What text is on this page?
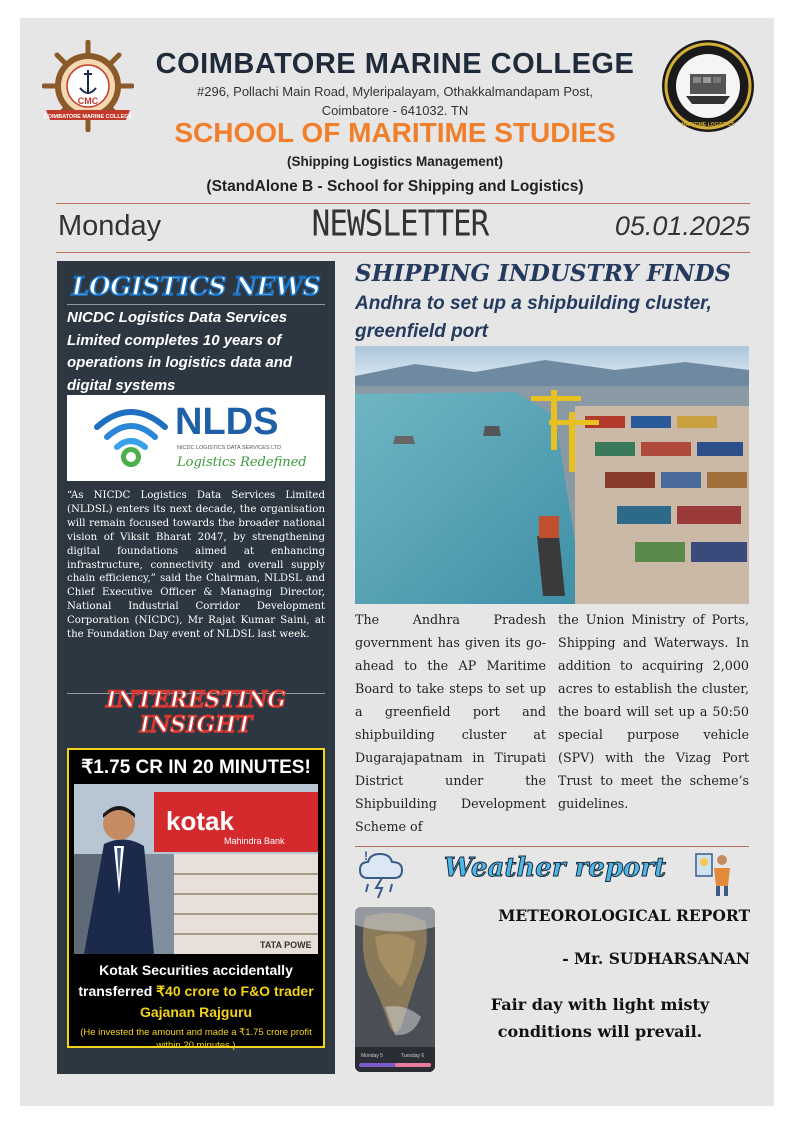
CMC
COIMBATORE MARINE COLLEGE
COIMBATORE MARINE COLLEGE
#296, Pollachi Main Road, Myleripalayam, Othakkalmandapam Post,
Coimbatore - 641032. TN
SCHOOL OF MARITIME STUDIES
(Shipping Logistics Management)
(StandAlone B - School for Shipping and Logistics)
MARITIME LOGISTICS
Monday	NEWSLETTER	05.01.2025
LOGISTICS NEWS
NICDC Logistics Data Services Limited completes 10 years of operations in logistics data and digital systems
NLDS
NICDC LOGISTICS DATA SERVICES LTD
Logistics Redefined
“As NICDC Logistics Data Services Limited (NLDSL) enters its next decade, the organisation will remain focused towards the broader national vision of Viksit Bharat 2047, by strengthening digital foundations aimed at enhancing infrastructure, connectivity and overall supply chain efficiency,” said the Chairman, NLDSL and Chief Executive Officer & Managing Director, National Industrial Corridor Development Corporation (NICDC), Mr Rajat Kumar Saini, at the Foundation Day event of NLDSL last week.
INTERESTING
INSIGHT
₹1.75 CR IN 20 MINUTES!
kotak
Mahindra Bank
TATA POWE
Kotak Securities accidentally
transferred ₹40 crore to F&O trader
Gajanan Rajguru
(He invested the amount and made a ₹1.75 crore profit within 20 minutes.)
SHIPPING INDUSTRY FINDS
Andhra to set up a shipbuilding cluster, greenfield port
The Andhra Pradesh government has given its go-ahead to the AP Maritime Board to take steps to set up a greenfield port and shipbuilding cluster at Dugarajapatnam in Tirupati District under the Shipbuilding Development Scheme of
the Union Ministry of Ports, Shipping and Waterways. In addition to acquiring 2,000 acres to establish the cluster, the board will set up a 50:50 special purpose vehicle (SPV) with the Vizag Port Trust to meet the scheme’s guidelines.
!	Weather report
Monday 5	Tuesday 6
METEOROLOGICAL REPORT
- Mr. SUDHARSANAN
Fair day with light misty conditions will prevail.
